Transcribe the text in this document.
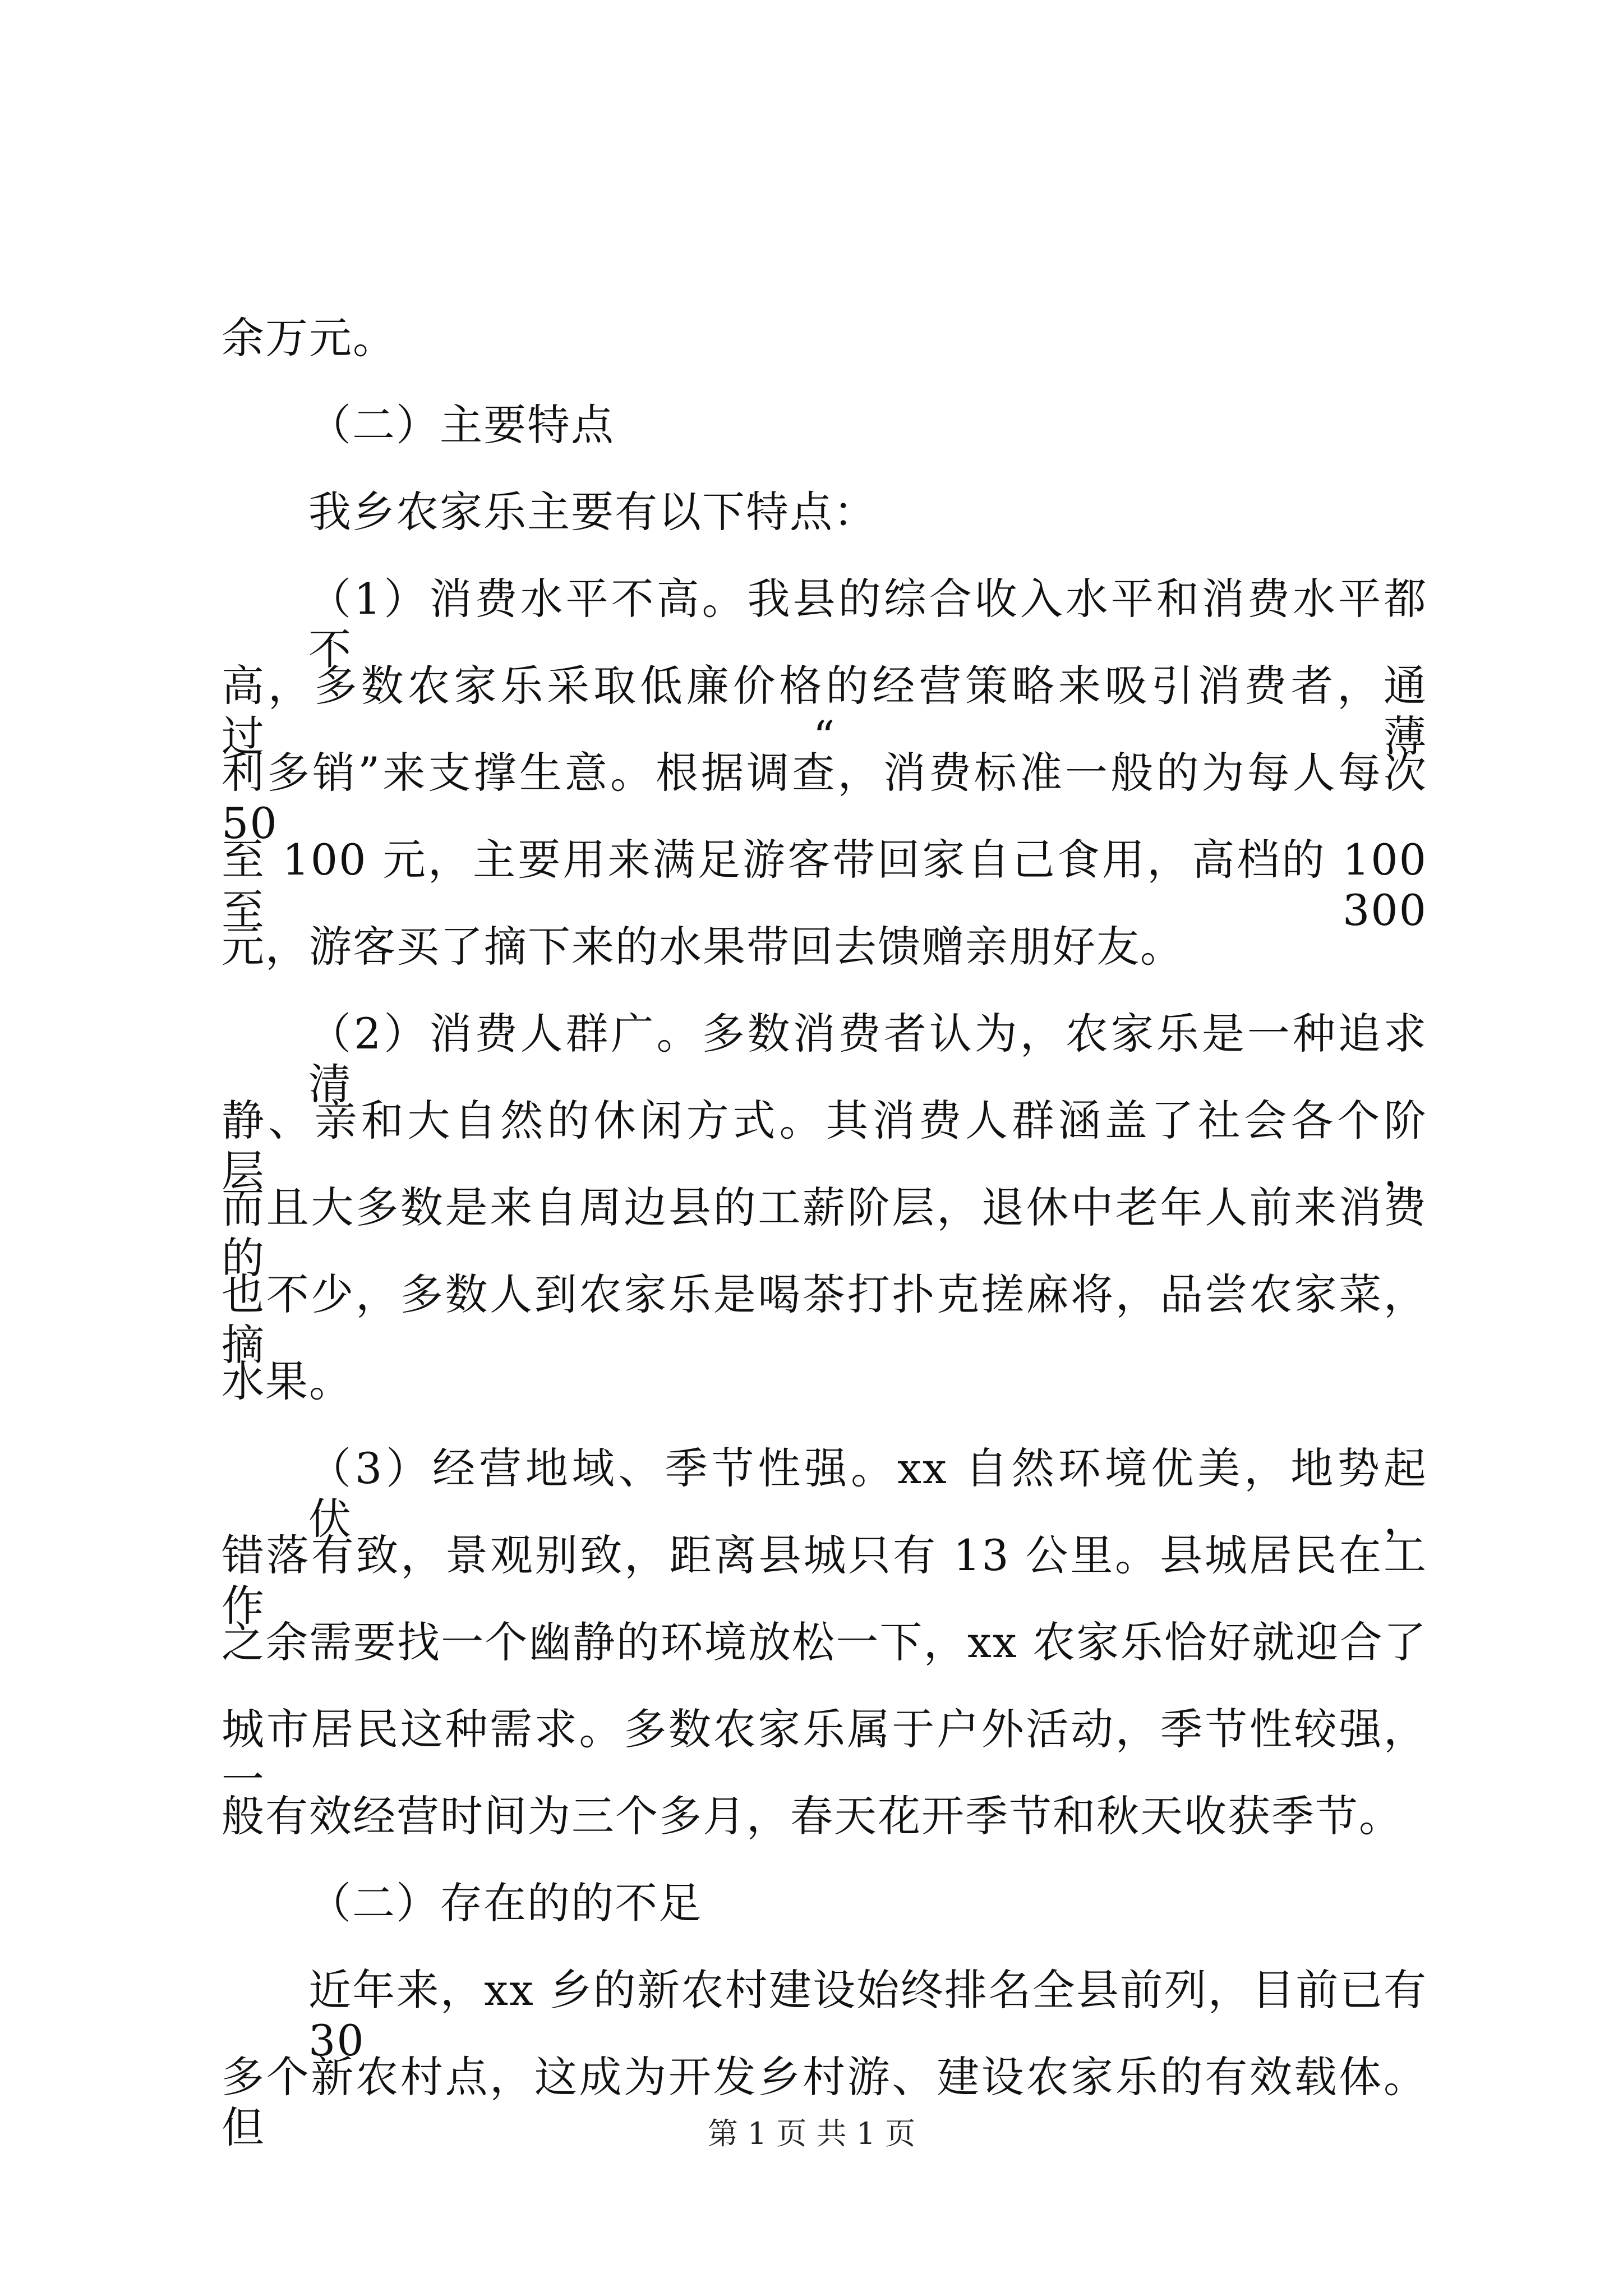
余万元。
（二）主要特点
我乡农家乐主要有以下特点：
（1）消费水平不高。我县的综合收入水平和消费水平都不
高，多数农家乐采取低廉价格的经营策略来吸引消费者，通过“薄
利多销”来支撑生意。根据调查，消费标准一般的为每人每次 50
至 100 元，主要用来满足游客带回家自己食用，高档的 100 至 300
元，游客买了摘下来的水果带回去馈赠亲朋好友。
（2）消费人群广。多数消费者认为，农家乐是一种追求清
静、亲和大自然的休闲方式。其消费人群涵盖了社会各个阶层，
而且大多数是来自周边县的工薪阶层，退休中老年人前来消费的
也不少，多数人到农家乐是喝茶打扑克搓麻将，品尝农家菜，摘
水果。
（3）经营地域、季节性强。xx 自然环境优美，地势起伏，
错落有致，景观别致，距离县城只有 13 公里。县城居民在工作
之余需要找一个幽静的环境放松一下，xx 农家乐恰好就迎合了
城市居民这种需求。多数农家乐属于户外活动，季节性较强，一
般有效经营时间为三个多月，春天花开季节和秋天收获季节。
（二）存在的的不足
近年来，xx 乡的新农村建设始终排名全县前列，目前已有 30
多个新农村点，这成为开发乡村游、建设农家乐的有效载体。但	第 1 页 共 1 页
